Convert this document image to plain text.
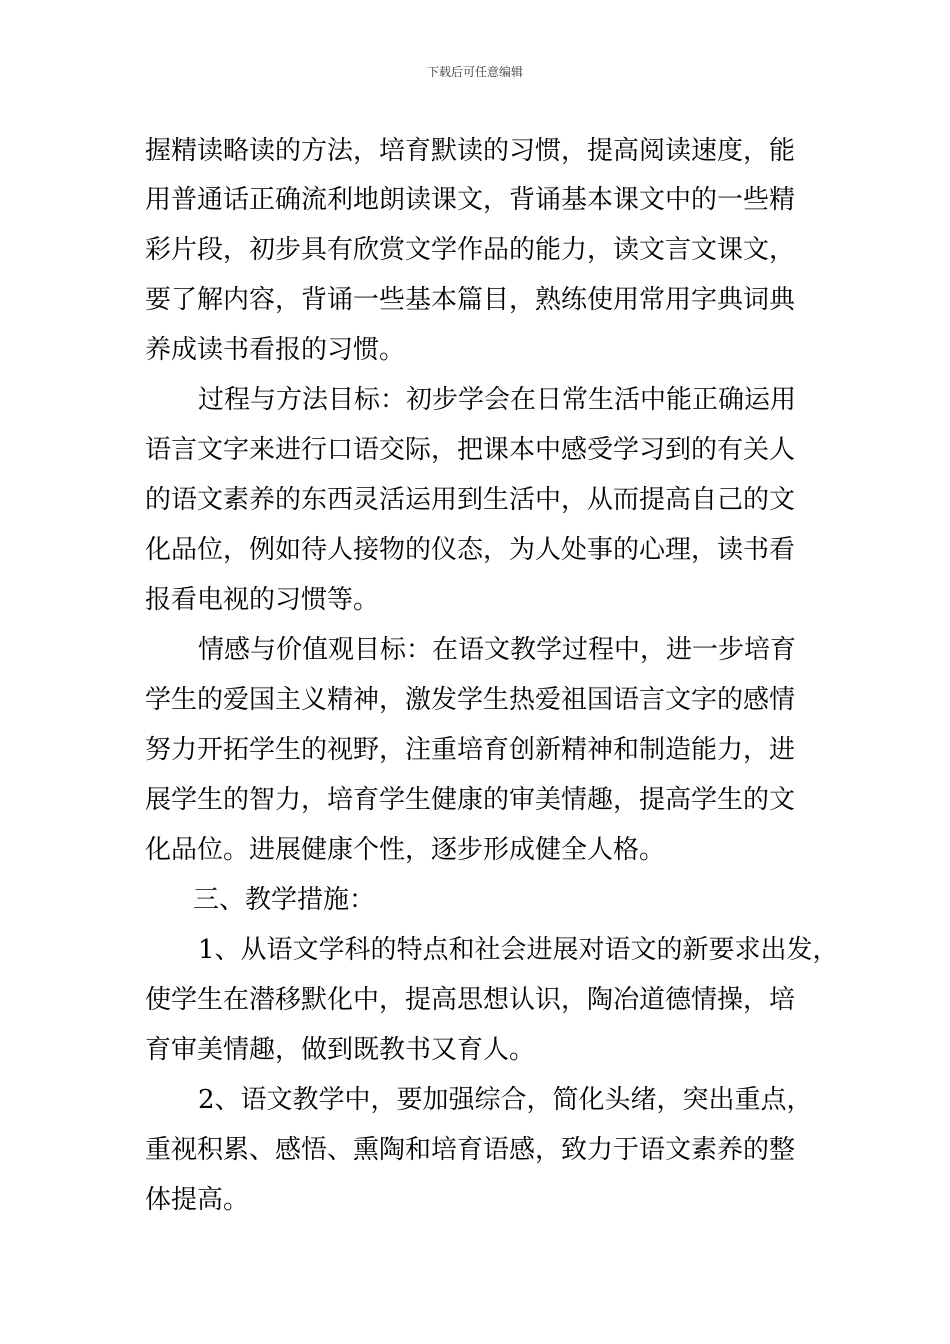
下载后可任意编辑
握精读略读的方法，培育默读的习惯，提高阅读速度，能
用普通话正确流利地朗读课文，背诵基本课文中的一些精
彩片段，初步具有欣赏文学作品的能力，读文言文课文，
要了解内容，背诵一些基本篇目，熟练使用常用字典词典
养成读书看报的习惯。
过程与方法目标：初步学会在日常生活中能正确运用
语言文字来进行口语交际，把课本中感受学习到的有关人
的语文素养的东西灵活运用到生活中，从而提高自己的文
化品位，例如待人接物的仪态，为人处事的心理，读书看
报看电视的习惯等。
情感与价值观目标：在语文教学过程中，进一步培育
学生的爱国主义精神，激发学生热爱祖国语言文字的感情
努力开拓学生的视野，注重培育创新精神和制造能力，进
展学生的智力，培育学生健康的审美情趣，提高学生的文
化品位。进展健康个性，逐步形成健全人格。
三、教学措施：
1、从语文学科的特点和社会进展对语文的新要求出发，
使学生在潜移默化中，提高思想认识，陶冶道德情操，培
育审美情趣，做到既教书又育人。
2、语文教学中，要加强综合，简化头绪，突出重点，
重视积累、感悟、熏陶和培育语感，致力于语文素养的整
体提高。
